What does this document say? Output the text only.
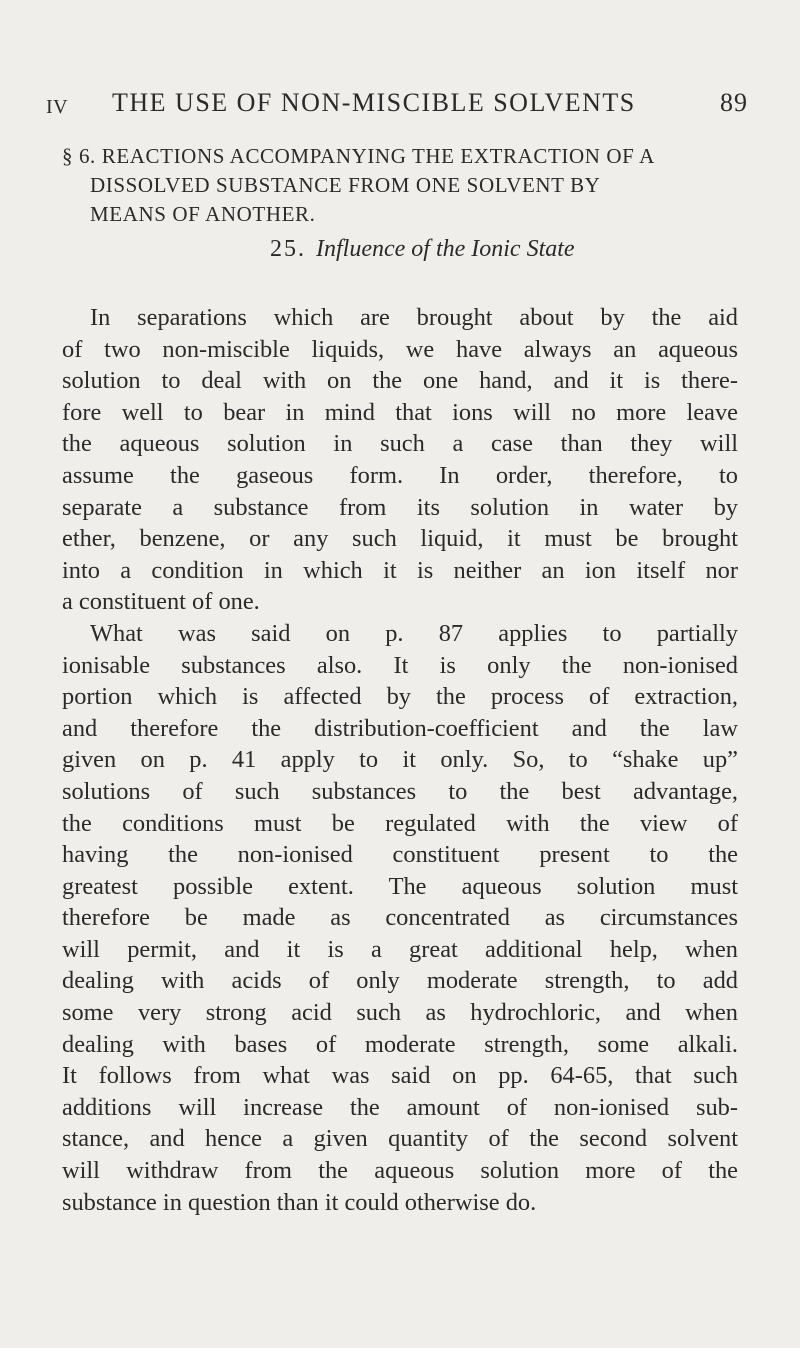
IV THE USE OF NON-MISCIBLE SOLVENTS	89
§ 6. REACTIONS ACCOMPANYING THE EXTRACTION OF A
DISSOLVED SUBSTANCE FROM ONE SOLVENT BY
MEANS OF ANOTHER.
25. Influence of the Ionic State
In separations which are brought about by the aid
of two non-miscible liquids, we have always an aqueous
solution to deal with on the one hand, and it is there-
fore well to bear in mind that ions will no more leave
the aqueous solution in such a case than they will
assume the gaseous form. In order, therefore, to
separate a substance from its solution in water by
ether, benzene, or any such liquid, it must be brought
into a condition in which it is neither an ion itself nor
a constituent of one.
What was said on p. 87 applies to partially
ionisable substances also. It is only the non-ionised
portion which is affected by the process of extraction,
and therefore the distribution-coefficient and the law
given on p. 41 apply to it only. So, to “shake up”
solutions of such substances to the best advantage,
the conditions must be regulated with the view of
having the non-ionised constituent present to the
greatest possible extent. The aqueous solution must
therefore be made as concentrated as circumstances
will permit, and it is a great additional help, when
dealing with acids of only moderate strength, to add
some very strong acid such as hydrochloric, and when
dealing with bases of moderate strength, some alkali.
It follows from what was said on pp. 64-65, that such
additions will increase the amount of non-ionised sub-
stance, and hence a given quantity of the second solvent
will withdraw from the aqueous solution more of the
substance in question than it could otherwise do.
